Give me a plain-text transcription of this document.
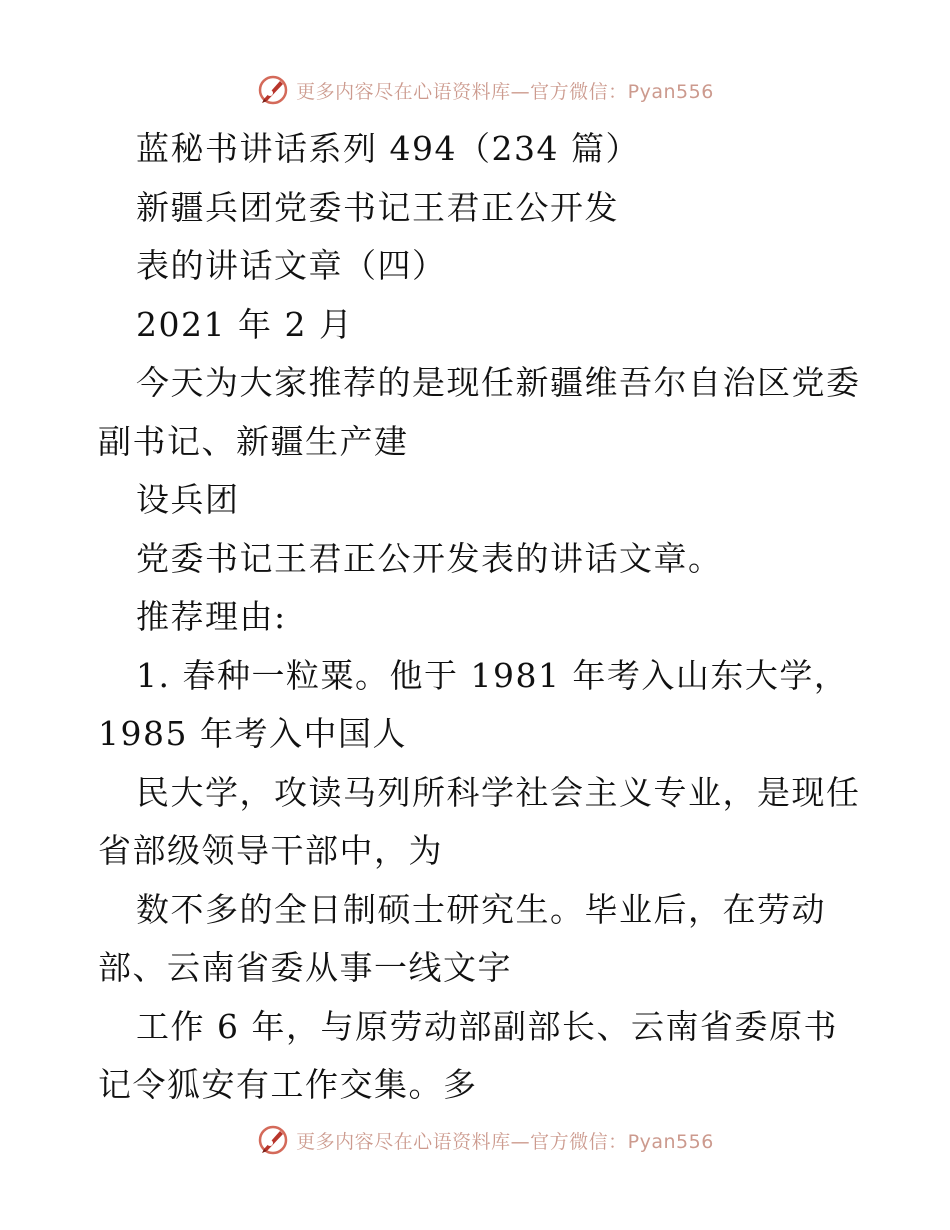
更多内容尽在心语资料库—官方微信：Pyan556
蓝秘书讲话系列 494（234 篇）
新疆兵团党委书记王君正公开发
表的讲话文章（四）
2021 年 2 月
今天为大家推荐的是现任新疆维吾尔自治区党委
副书记、新疆生产建
设兵团
党委书记王君正公开发表的讲话文章。
推荐理由:
1. 春种一粒粟。他于 1981 年考入山东大学，
1985 年考入中国人
民大学，攻读马列所科学社会主义专业，是现任
省部级领导干部中，为
数不多的全日制硕士研究生。毕业后，在劳动
部、云南省委从事一线文字
工作 6 年，与原劳动部副部长、云南省委原书
记令狐安有工作交集。多
更多内容尽在心语资料库—官方微信：Pyan556
